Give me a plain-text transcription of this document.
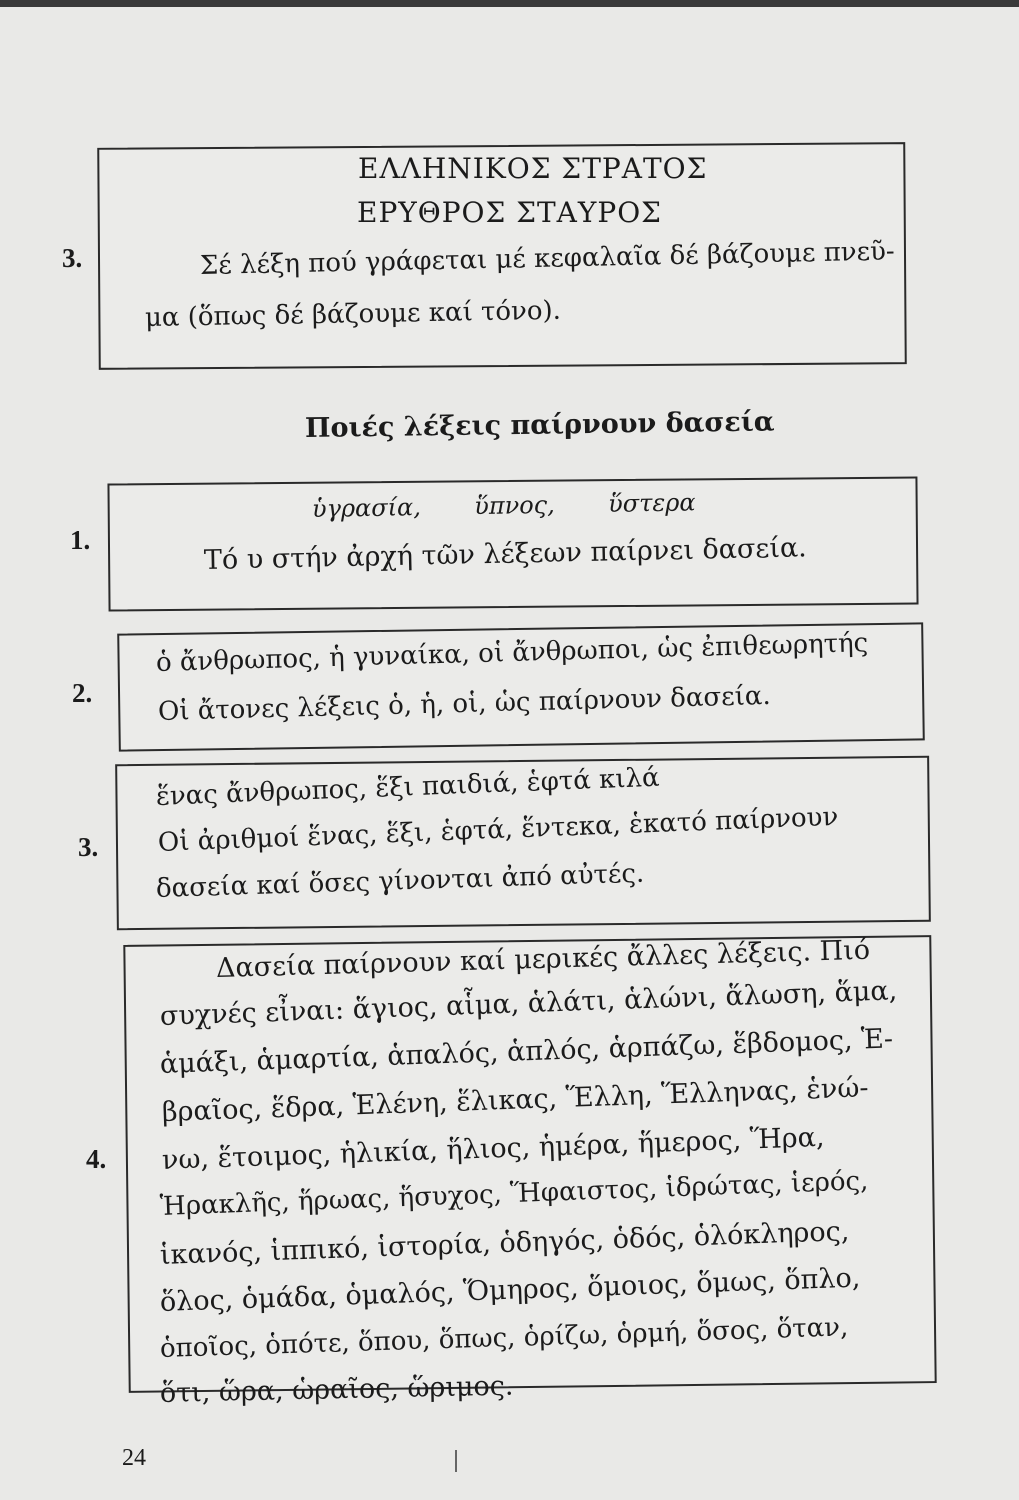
3.
ΕΛΛΗΝΙΚΟΣ ΣΤΡΑΤΟΣ
ΕΡΥΘΡΟΣ ΣΤΑΥΡΟΣ
Σέ λέξη πού γράφεται μέ κεφαλαῖα δέ βάζουμε πνεῦ-
μα (ὅπως δέ βάζουμε καί τόνο).
Ποιές λέξεις παίρνουν δασεία
1.
ὑγρασία,       ὕπνος,       ὕστερα
Τό υ στήν ἀρχή τῶν λέξεων παίρνει δασεία.
2.
ὁ ἄνθρωπος, ἡ γυναίκα, οἱ ἄνθρωποι, ὡς ἐπιθεωρητής
Οἱ ἄτονες λέξεις ὁ, ἡ, οἱ, ὡς παίρνουν δασεία.
3.
ἕνας ἄνθρωπος, ἕξι παιδιά, ἑφτά κιλά
Οἱ ἀριθμοί ἕνας, ἕξι, ἑφτά, ἕντεκα, ἑκατό παίρνουν
δασεία καί ὅσες γίνονται ἀπό αὐτές.
4.
Δασεία παίρνουν καί μερικές ἄλλες λέξεις. Πιό
συχνές εἶναι: ἅγιος, αἷμα, ἁλάτι, ἁλώνι, ἅλωση, ἅμα,
ἁμάξι, ἁμαρτία, ἁπαλός, ἁπλός, ἁρπάζω, ἕβδομος, Ἑ-
βραῖος, ἕδρα, Ἑλένη, ἕλικας, Ἕλλη, Ἕλληνας, ἑνώ-
νω, ἕτοιμος, ἡλικία, ἥλιος, ἡμέρα, ἥμερος, Ἥρα,
Ἡρακλῆς, ἥρωας, ἥσυχος, Ἥφαιστος, ἱδρώτας, ἱερός,
ἱκανός, ἱππικό, ἱστορία, ὁδηγός, ὁδός, ὁλόκληρος,
ὅλος, ὁμάδα, ὁμαλός, Ὅμηρος, ὅμοιος, ὅμως, ὅπλο,
ὁποῖος, ὁπότε, ὅπου, ὅπως, ὁρίζω, ὁρμή, ὅσος, ὅταν,
ὅτι, ὥρα, ὡραῖος, ὥριμος.
24
